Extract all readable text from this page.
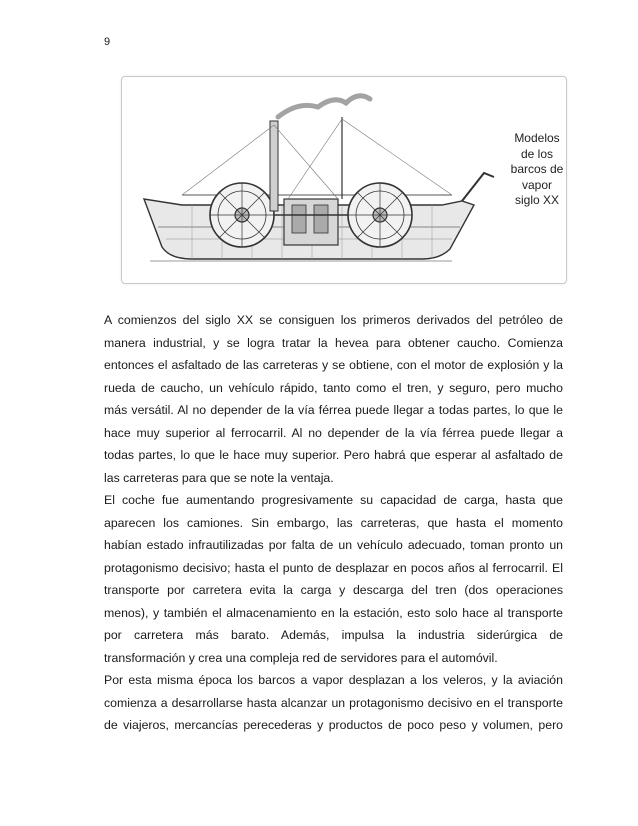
9
Modelos
de los
barcos de
vapor
siglo XX

A comienzos del siglo XX se consiguen los primeros derivados del petróleo de
manera industrial, y se logra tratar la hevea para obtener caucho. Comienza
entonces el asfaltado de las carreteras y se obtiene, con el motor de explosión y la
rueda de caucho, un vehículo rápido, tanto como el tren, y seguro, pero mucho
más versátil. Al no depender de la vía férrea puede llegar a todas partes, lo que le
hace muy superior al ferrocarril. Al no depender de la vía férrea puede llegar a
todas partes, lo que le hace muy superior. Pero habrá que esperar al asfaltado de
las carreteras para que se note la ventaja.

El coche fue aumentando progresivamente su capacidad de carga, hasta que
aparecen los camiones. Sin embargo, las carreteras, que hasta el momento
habían estado infrautilizadas por falta de un vehículo adecuado, toman pronto un
protagonismo decisivo; hasta el punto de desplazar en pocos años al ferrocarril. El
transporte por carretera evita la carga y descarga del tren (dos operaciones
menos), y también el almacenamiento en la estación, esto solo hace al transporte
por carretera más barato. Además, impulsa la industria siderúrgica de
transformación y crea una compleja red de servidores para el automóvil.

Por esta misma época los barcos a vapor desplazan a los veleros, y la aviación
comienza a desarrollarse hasta alcanzar un protagonismo decisivo en el transporte
de viajeros, mercancías perecederas y productos de poco peso y volumen, pero
